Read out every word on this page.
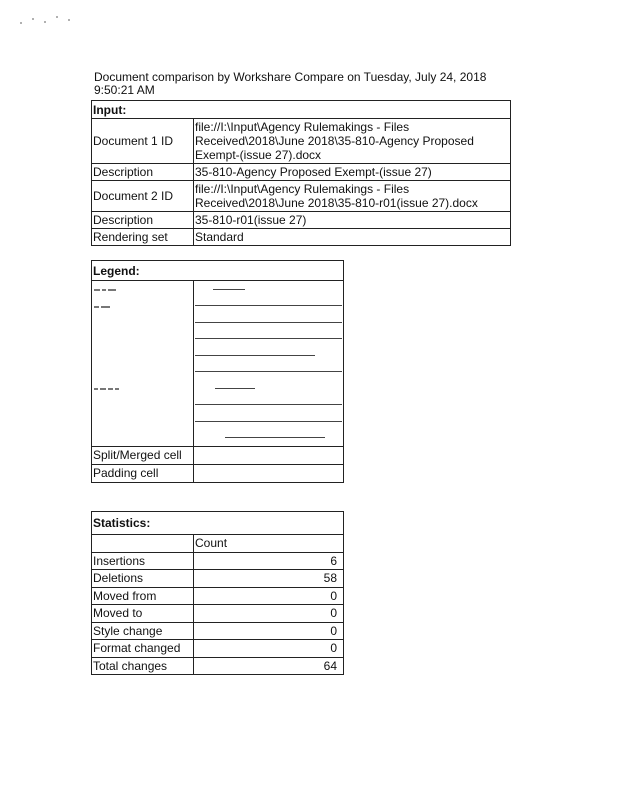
Document comparison by Workshare Compare on Tuesday, July 24, 2018 9:50:21 AM
Input:	
Document 1 ID	file://I:\Input\Agency Rulemakings - Files Received\2018\June 2018\35-810-Agency Proposed Exempt-(issue 27).docx
Description	35-810-Agency Proposed Exempt-(issue 27)
Document 2 ID	file://I:\Input\Agency Rulemakings - Files Received\2018\June 2018\35-810-r01(issue 27).docx
Description	35-810-r01(issue 27)
Rendering set	Standard
Legend:	

Split/Merged cell	
Padding cell	
Statistics:	
	Count
Insertions	6
Deletions	58
Moved from	0
Moved to	0
Style change	0
Format changed	0
Total changes	64
